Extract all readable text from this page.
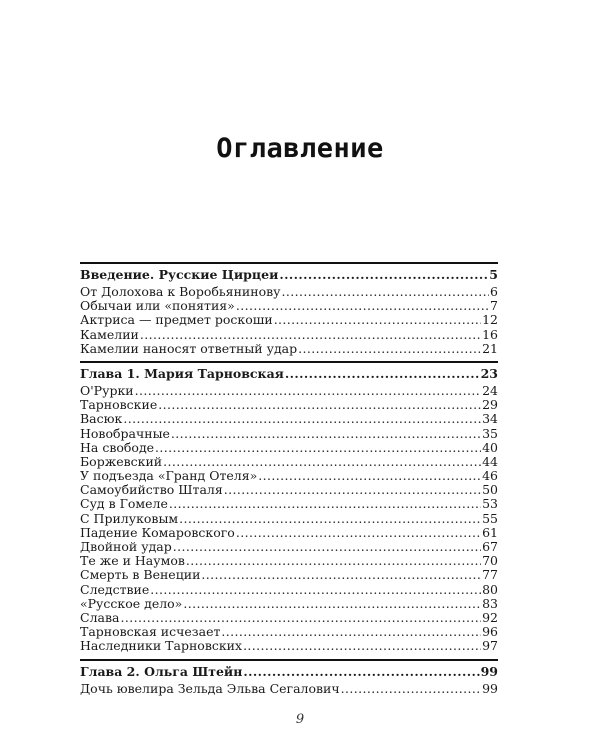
Оглавление
Введение. Русские Цирцеи .....	5
От Долохова к Воробьянинову .....	6
Обычаи или «понятия» .....	7
Актриса — предмет роскоши .....	12
Камелии .....	16
Камелии наносят ответный удар .....	21
Глава 1. Мария Тарновская .....	23
О'Рурки .....	24
Тарновские .....	29
Васюк .....	34
Новобрачные .....	35
На свободе .....	40
Боржевский .....	44
У подъезда «Гранд Отеля» .....	46
Самоубийство Шталя .....	50
Суд в Гомеле .....	53
С Прилуковым .....	55
Падение Комаровского .....	61
Двойной удар .....	67
Те же и Наумов .....	70
Смерть в Венеции .....	77
Следствие .....	80
«Русское дело» .....	83
Слава .....	92
Тарновская исчезает .....	96
Наследники Тарновских .....	97
Глава 2. Ольга Штейн .....	99
Дочь ювелира Зельда Эльва Сегалович .....	99
9
